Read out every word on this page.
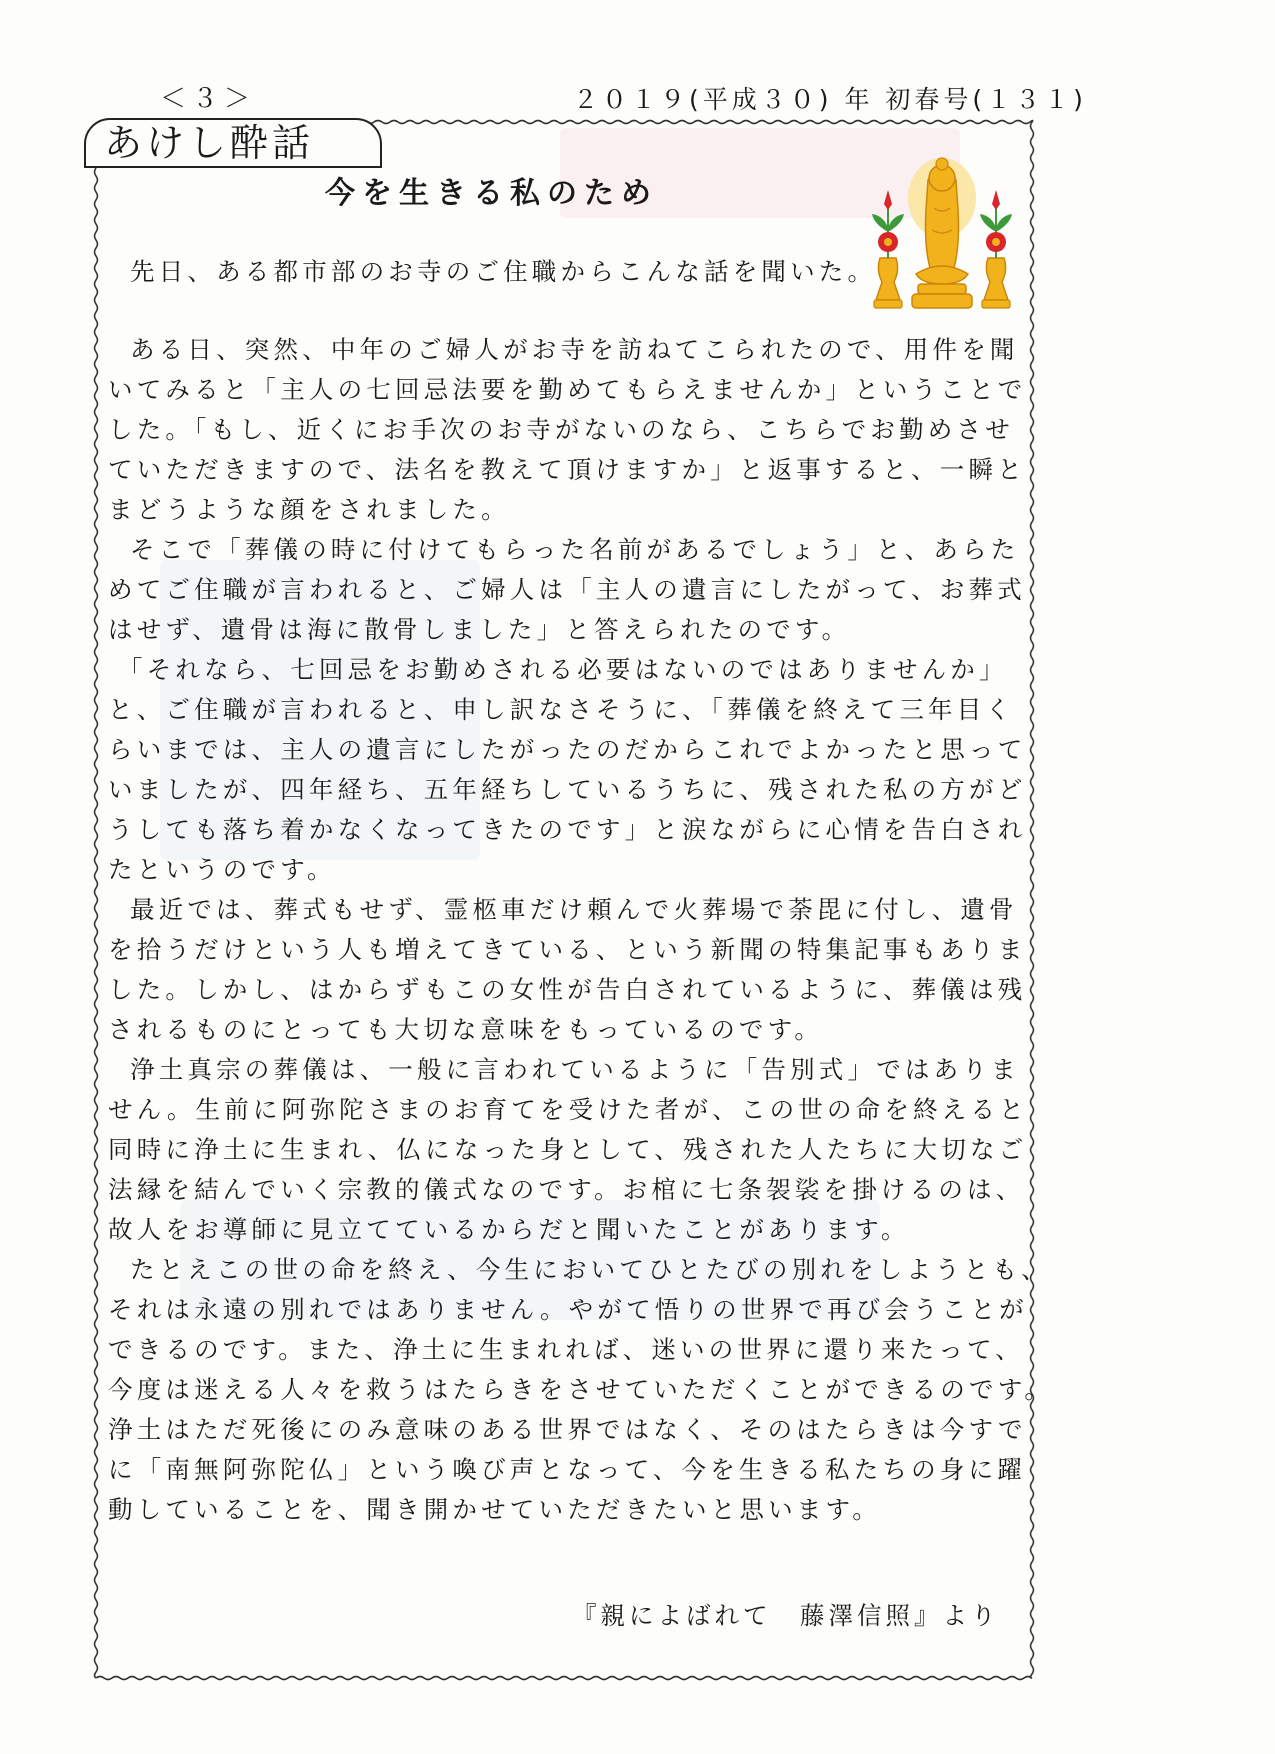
＜３＞	２０１９(平成３０) 年 初春号(１３１)
あけし酔話
今を生きる私のため
先日、ある都市部のお寺のご住職からこんな話を聞いた。
ある日、突然、中年のご婦人がお寺を訪ねてこられたので、用件を聞
いてみると「主人の七回忌法要を勤めてもらえませんか」ということで
した。「もし、近くにお手次のお寺がないのなら、こちらでお勤めさせ
ていただきますので、法名を教えて頂けますか」と返事すると、一瞬と
まどうような顔をされました。
そこで「葬儀の時に付けてもらった名前があるでしょう」と、あらた
めてご住職が言われると、ご婦人は「主人の遺言にしたがって、お葬式
はせず、遺骨は海に散骨しました」と答えられたのです。
「それなら、七回忌をお勤めされる必要はないのではありませんか」
と、ご住職が言われると、申し訳なさそうに、「葬儀を終えて三年目く
らいまでは、主人の遺言にしたがったのだからこれでよかったと思って
いましたが、四年経ち、五年経ちしているうちに、残された私の方がど
うしても落ち着かなくなってきたのです」と涙ながらに心情を告白され
たというのです。
最近では、葬式もせず、霊柩車だけ頼んで火葬場で荼毘に付し、遺骨
を拾うだけという人も増えてきている、という新聞の特集記事もありま
した。しかし、はからずもこの女性が告白されているように、葬儀は残
されるものにとっても大切な意味をもっているのです。
浄土真宗の葬儀は、一般に言われているように「告別式」ではありま
せん。生前に阿弥陀さまのお育てを受けた者が、この世の命を終えると
同時に浄土に生まれ、仏になった身として、残された人たちに大切なご
法縁を結んでいく宗教的儀式なのです。お棺に七条袈裟を掛けるのは、
故人をお導師に見立てているからだと聞いたことがあります。
たとえこの世の命を終え、今生においてひとたびの別れをしようとも、
それは永遠の別れではありません。やがて悟りの世界で再び会うことが
できるのです。また、浄土に生まれれば、迷いの世界に還り来たって、
今度は迷える人々を救うはたらきをさせていただくことができるのです。
浄土はただ死後にのみ意味のある世界ではなく、そのはたらきは今すで
に「南無阿弥陀仏」という喚び声となって、今を生きる私たちの身に躍
動していることを、聞き開かせていただきたいと思います。
『親によばれて　藤澤信照』より
